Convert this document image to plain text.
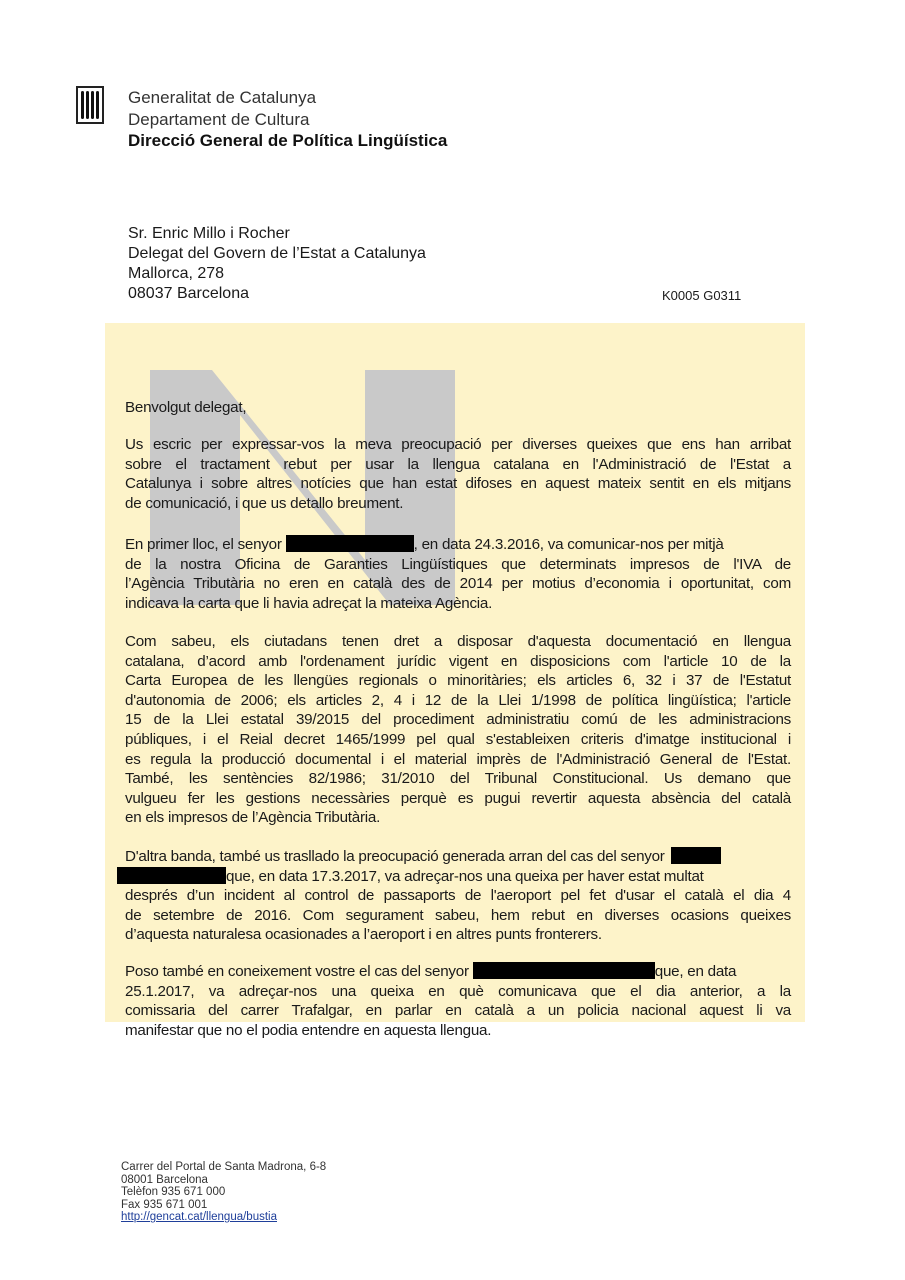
Generalitat de Catalunya
Departament de Cultura
Direcció General de Política Lingüística
Sr. Enric Millo i Rocher
Delegat del Govern de l’Estat a Catalunya
Mallorca, 278
08037 Barcelona	K0005 G0311
Benvolgut delegat,
Us escric per expressar-vos la meva preocupació per diverses queixes que ens han arribat
sobre el tractament rebut per usar la llengua catalana en l'Administració de l'Estat a
Catalunya i sobre altres notícies que han estat difoses en aquest mateix sentit en els mitjans
de comunicació, i que us detallo breument.
En primer lloc, el senyor	, en data 24.3.2016, va comunicar-nos per mitjà
de la nostra Oficina de Garanties Lingüístiques que determinats impresos de l'IVA de
l’Agència Tributària no eren en català des de 2014 per motius d’economia i oportunitat, com
indicava la carta que li havia adreçat la mateixa Agència.
Com sabeu, els ciutadans tenen dret a disposar d'aquesta documentació en llengua
catalana, d’acord amb l'ordenament jurídic vigent en disposicions com l'article 10 de la
Carta Europea de les llengües regionals o minoritàries; els articles 6, 32 i 37 de l'Estatut
d'autonomia de 2006; els articles 2, 4 i 12 de la Llei 1/1998 de política lingüística; l'article
15 de la Llei estatal 39/2015 del procediment administratiu comú de les administracions
públiques, i el Reial decret 1465/1999 pel qual s'estableixen criteris d'imatge institucional i
es regula la producció documental i el material imprès de l'Administració General de l'Estat.
També, les sentències 82/1986; 31/2010 del Tribunal Constitucional. Us demano que
vulgueu fer les gestions necessàries perquè es pugui revertir aquesta absència del català
en els impresos de l’Agència Tributària.
D'altra banda, també us trasllado la preocupació generada arran del cas del senyor
que, en data 17.3.2017, va adreçar-nos una queixa per haver estat multat
després d’un incident al control de passaports de l'aeroport pel fet d'usar el català el dia 4
de setembre de 2016. Com segurament sabeu, hem rebut en diverses ocasions queixes
d’aquesta naturalesa ocasionades a l’aeroport i en altres punts fronterers.
Poso també en coneixement vostre el cas del senyor	que, en data
25.1.2017, va adreçar-nos una queixa en què comunicava que el dia anterior, a la
comissaria del carrer Trafalgar, en parlar en català a un policia nacional aquest li va
manifestar que no el podia entendre en aquesta llengua.
Carrer del Portal de Santa Madrona, 6-8
08001 Barcelona
Telèfon 935 671 000
Fax 935 671 001
http://gencat.cat/llengua/bustia
